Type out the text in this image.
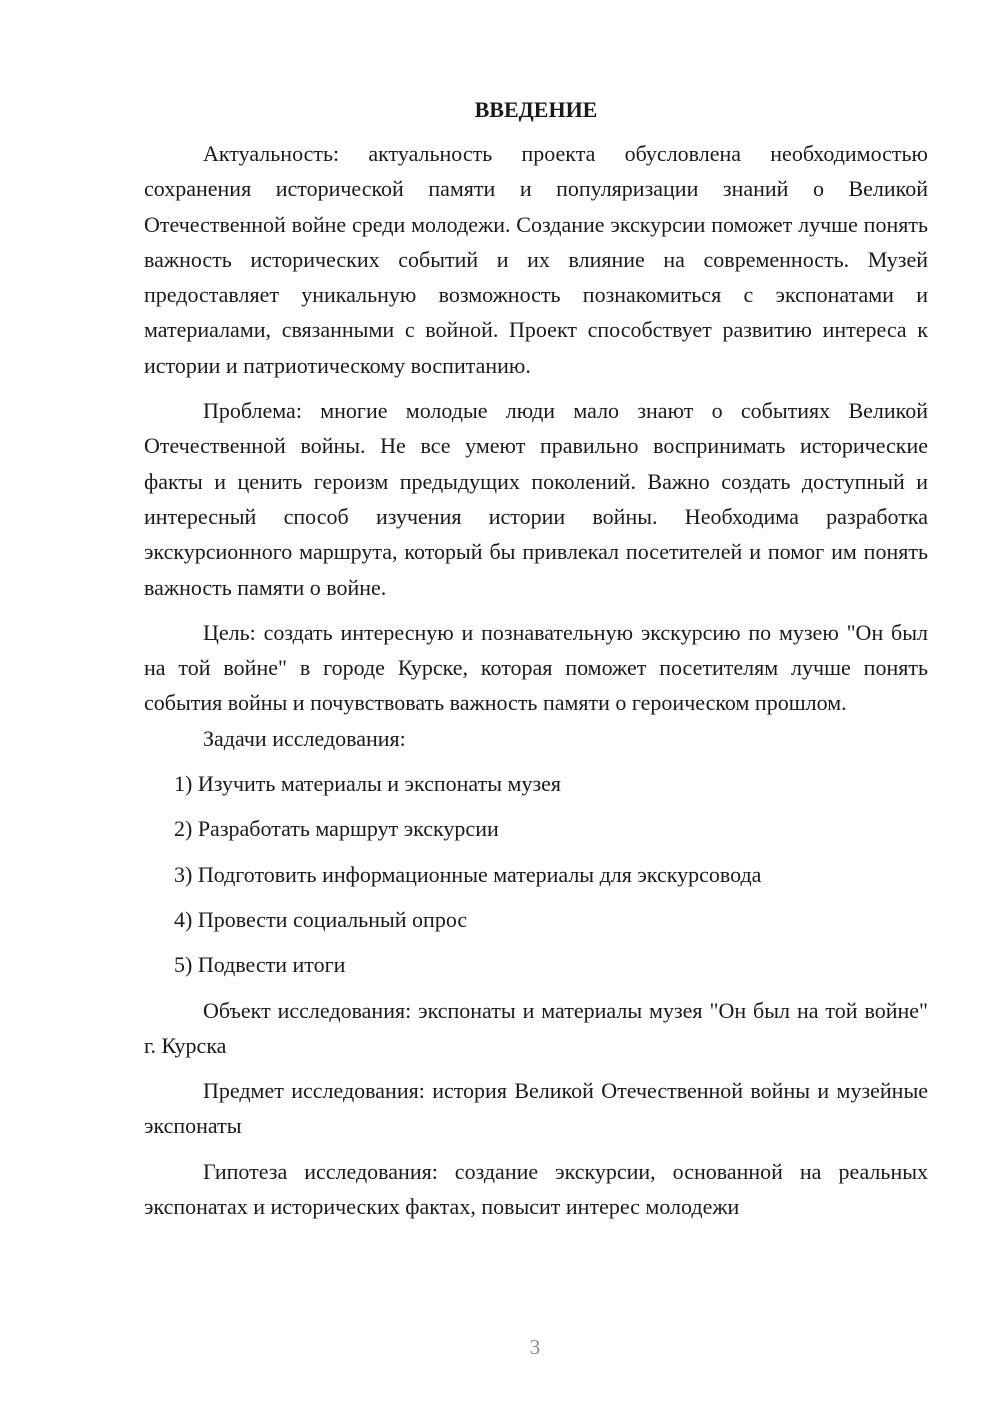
ВВЕДЕНИЕ

Актуальность: актуальность проекта обусловлена необходимостью сохранения исторической памяти и популяризации знаний о Великой Отечественной войне среди молодежи. Создание экскурсии поможет лучше понять важность исторических событий и их влияние на современность. Музей предоставляет уникальную возможность познакомиться с экспонатами и материалами, связанными с войной. Проект способствует развитию интереса к истории и патриотическому воспитанию.

Проблема: многие молодые люди мало знают о событиях Великой Отечественной войны. Не все умеют правильно воспринимать исторические факты и ценить героизм предыдущих поколений. Важно создать доступный и интересный способ изучения истории войны. Необходима разработка экскурсионного маршрута, который бы привлекал посетителей и помог им понять важность памяти о войне.

Цель: создать интересную и познавательную экскурсию по музею "Он был на той войне" в городе Курске, которая поможет посетителям лучше понять события войны и почувствовать важность памяти о героическом прошлом.

Задачи исследования:

1) Изучить материалы и экспонаты музея
2) Разработать маршрут экскурсии
3) Подготовить информационные материалы для экскурсовода
4) Провести социальный опрос
5) Подвести итоги

Объект исследования: экспонаты и материалы музея "Он был на той войне" г. Курска

Предмет исследования: история Великой Отечественной войны и музейные экспонаты

Гипотеза исследования: создание экскурсии, основанной на реальных экспонатах и исторических фактах, повысит интерес молодежи

3
